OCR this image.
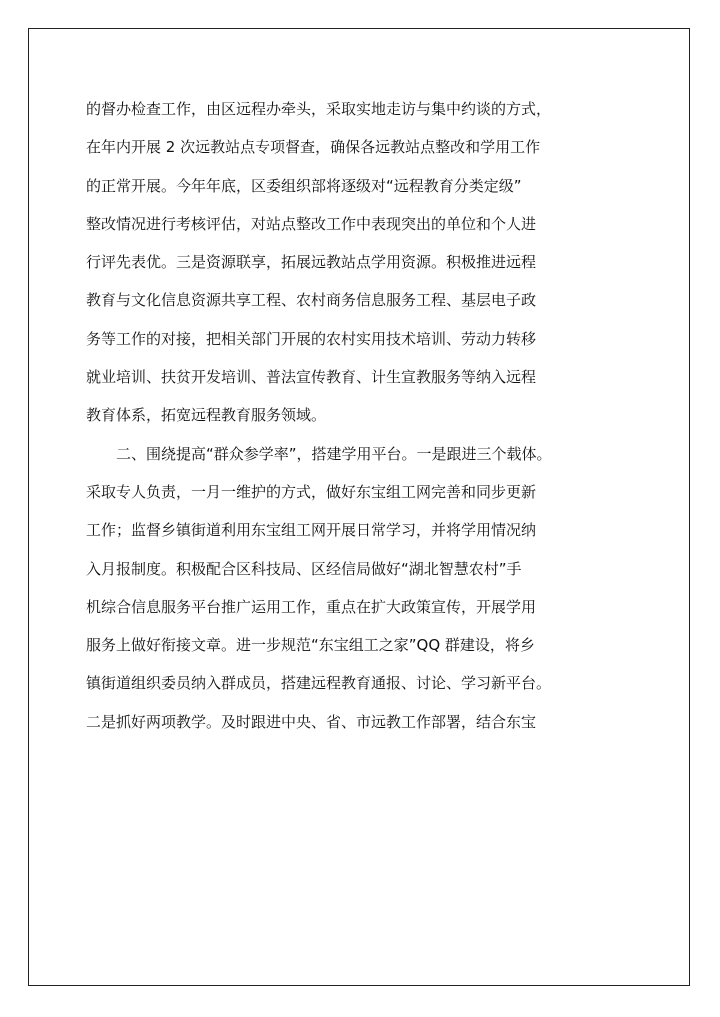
的督办检查工作，由区远程办牵头，采取实地走访与集中约谈的方式，
在年内开展 2 次远教站点专项督查，确保各远教站点整改和学用工作
的正常开展。今年年底，区委组织部将逐级对“远程教育分类定级”
整改情况进行考核评估，对站点整改工作中表现突出的单位和个人进
行评先表优。三是资源联享，拓展远教站点学用资源。积极推进远程
教育与文化信息资源共享工程、农村商务信息服务工程、基层电子政
务等工作的对接，把相关部门开展的农村实用技术培训、劳动力转移
就业培训、扶贫开发培训、普法宣传教育、计生宣教服务等纳入远程
教育体系，拓宽远程教育服务领域。
　　二、围绕提高“群众参学率”，搭建学用平台。一是跟进三个载体。
采取专人负责，一月一维护的方式，做好东宝组工网完善和同步更新
工作；监督乡镇街道利用东宝组工网开展日常学习，并将学用情况纳
入月报制度。积极配合区科技局、区经信局做好“湖北智慧农村”手
机综合信息服务平台推广运用工作，重点在扩大政策宣传，开展学用
服务上做好衔接文章。进一步规范“东宝组工之家”QQ 群建设，将乡
镇街道组织委员纳入群成员，搭建远程教育通报、讨论、学习新平台。
二是抓好两项教学。及时跟进中央、省、市远教工作部署，结合东宝
